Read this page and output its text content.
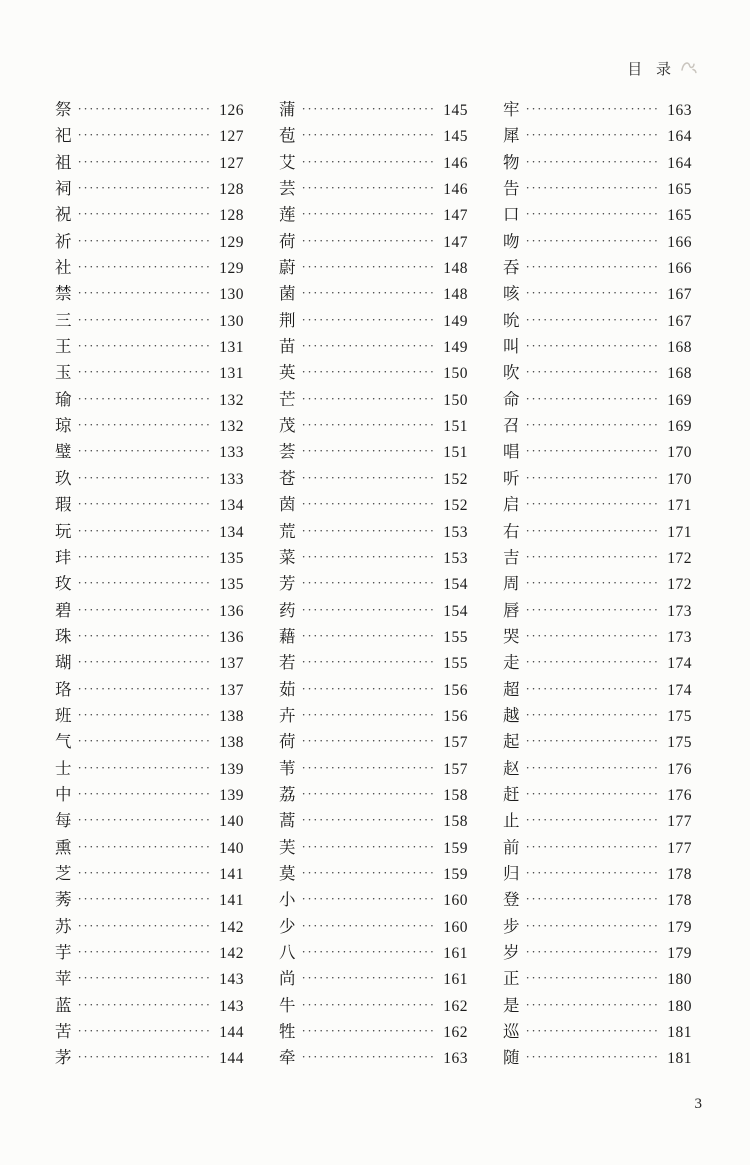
目 录
祭 ·····	126
祀 ·····	127
祖 ·····	127
祠 ·····	128
祝 ·····	128
祈 ·····	129
社 ·····	129
禁 ·····	130
三 ·····	130
王 ·····	131
玉 ·····	131
瑜 ·····	132
琼 ·····	132
璧 ·····	133
玖 ·····	133
瑕 ·····	134
玩 ·····	134
玤 ·····	135
玫 ·····	135
碧 ·····	136
珠 ·····	136
瑚 ·····	137
珞 ·····	137
班 ·····	138
气 ·····	138
士 ·····	139
中 ·····	139
每 ·····	140
熏 ·····	140
芝 ·····	141
莠 ·····	141
苏 ·····	142
芋 ·····	142
苹 ·····	143
蓝 ·····	143
苦 ·····	144
茅 ·····	144
蒲 ·····	145
苞 ·····	145
艾 ·····	146
芸 ·····	146
莲 ·····	147
荷 ·····	147
蔚 ·····	148
菌 ·····	148
荆 ·····	149
苗 ·····	149
英 ·····	150
芒 ·····	150
茂 ·····	151
荟 ·····	151
苍 ·····	152
茵 ·····	152
荒 ·····	153
菜 ·····	153
芳 ·····	154
药 ·····	154
藉 ·····	155
若 ·····	155
茹 ·····	156
卉 ·····	156
荷 ·····	157
苇 ·····	157
荔 ·····	158
蒿 ·····	158
芙 ·····	159
莫 ·····	159
小 ·····	160
少 ·····	160
八 ·····	161
尚 ·····	161
牛 ·····	162
牲 ·····	162
牵 ·····	163
牢 ·····	163
犀 ·····	164
物 ·····	164
告 ·····	165
口 ·····	165
吻 ·····	166
吞 ·····	166
咳 ·····	167
吮 ·····	167
叫 ·····	168
吹 ·····	168
命 ·····	169
召 ·····	169
唱 ·····	170
听 ·····	170
启 ·····	171
右 ·····	171
吉 ·····	172
周 ·····	172
唇 ·····	173
哭 ·····	173
走 ·····	174
超 ·····	174
越 ·····	175
起 ·····	175
赵 ·····	176
赶 ·····	176
止 ·····	177
前 ·····	177
归 ·····	178
登 ·····	178
步 ·····	179
岁 ·····	179
正 ·····	180
是 ·····	180
巡 ·····	181
随 ·····	181
3
